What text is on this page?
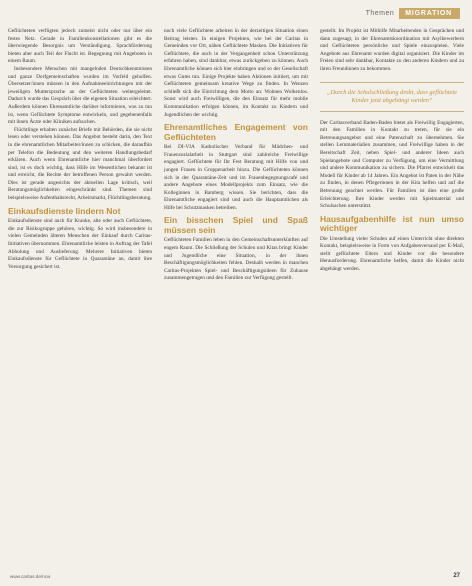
Themen	MIGRATION

Geflüchteten verfügten jedoch zumeist nicht oder nur über ein festes Netz. Gerade in Familienkonstellationen gibt es die überwiegende Besorgnis um Verständigung. Sprachförderung bieten aber auch Teil der Flucht ist. Begegnung mit Angeboten in einem Raum.

Insbesondere Menschen mit mangelnden Deutschkenntnissen und ganze Dorfgemeinschaften wurden im Vorfeld geholfen. Übersetzer/innen müssen in den Aufnahmeeinrichtungen mit der jeweiligen Muttersprache an der Geflüchteten weitergeleitet. Dadurch wurde das Gespräch über die eigenen Situation erleichtert. Außerdem können Ehrenamtliche darüber informieren, was zu tun ist, wenn Geflüchtete Symptome entwickeln, und gegebenenfalls mit ihnen Ärzte oder Kliniken aufsuchen.

Flüchtlinge erhalten zunächst Briefe mit Behörden, die sie nicht lesen oder verstehen können. Das Angebot besteht darin, den Text in die ehrenamtlichen Mitarbeiter/innen zu schicken, die daraufhin per Telefon die Bedeutung und den weiteren Handlungsbedarf erklären. Auch wenn Ehrenamtliche hier manchmal überfordert sind, ist es doch wichtig, dass Hilfe im Wesentlichen bekannt ist und erreicht, die Rechte der betroffenen Person gewahrt werden. Dies ist gerade angesichts der aktuellen Lage kritisch, weil Beratungsmöglichkeiten eingeschränkt sind. Themen sind beispielsweise Aufenthaltsrecht, Arbeitsmarkt, Flüchtlingsberatung.

Einkaufsdienste lindern Not

Einkaufsdienste sind auch für Kranke, alte oder auch Geflüchtete, die zur Risikogruppe gehören, wichtig. So wird insbesondere in vielen Gemeinden älteren Menschen der Einkauf durch Caritas-Initiativen übernommen. Ehrenamtliche leisten in Auftrag der Tafel Abholung und Auslieferung. Mehrere Initiativen bieten Einkaufsdienste für Geflüchtete in Quarantäne an, damit ihre Versorgung gesichert ist.

noch viele Geflüchtete arbeiten in der derzeitigen Situation einen Beitrag leisten. In einigen Projekten, wie bei der Caritas in Gemeinden vor Ort, nähen Geflüchtete Masken. Die Initiativen für Geflüchtete, die auch in der Vergangenheit schon Unterstützung erfahren haben, sind dankbar, etwas zurückgeben zu können. Auch Ehrenamtliche können sich hier einbringen und so der Gesellschaft etwas Gutes tun. Einige Projekte haben Aktionen initiiert, um mit Geflüchteten gemeinsam kreative Wege zu finden. In Wenzen schließt sich die Einrichtung dem Motto an: Wohnen Wolkenlos. Sonst wird auch Freiwilligen, die den Einsatz für mehr mobile Kommunikation erfolgen können, im Kontakt zu Kindern und Jugendlichen der wichtig.

Ehrenamtliches Engagement von Geflüchteten

Bei DI-VIA Katholischer Verband für Mädchen- und Frauensozialarbeit in Stuttgart sind zahlreiche Freiwillige engagiert. Geflüchtete für Ihr Fest Beratung mit Hilfe von und jungen Frauen in Gruppenarbeit hinzu. Die Geflüchteten können sich in der Quarantäne-Zeit und im Frauenbegegnungscafé und andere Angebote eines Modellprojekts zum Einsatz, wie die Kolleginnen in Bamberg wissen. Sie berichten, dass die Ehrenamtliche engagiert sind und auch die Hauptamtlichen als Hilfe bei Schutzmasken betreiben.

Ein bisschen Spiel und Spaß müssen sein

Geflüchteten Familien leben in den Gemeinschaftsunterkünften auf engem Raum. Die Schließung der Schulen und Kitas bringt Kinder und Jugendliche eine Situation, in der ihnen Beschäftigungsmöglichkeiten fehlen. Deshalb werden in manchen Caritas-Projekten Spiel- und Beschäftigungsideen für Zuhause zusammengetragen und den Familien zur Verfügung gestellt.

gestellt. Im Projekt ist Mithilfe Mitarbeitenden in Gesprächen und dann zugesagt, in der Ehrenamtskoordination mit Asylbewerbern und Geflüchteten persönliche und Spiele einzuspielen. Viele Angebote aus Ehrenamt wurden digital organisiert. Die Kinder im Freien sind sehr dankbar, Kontakte zu den anderen Kindern und zu ihren Freundinnen zu bekommen.

„Durch die Schulschließung droht, dass geflüchtete Kinder jetzt abgehängt werden“

Der Caritasverband Baden-Baden bietet als Freiwillig Engagierten, mit den Familien in Kontakt zu treten, für sie ein Betreuungsangebot und eine Patenschaft zu übernehmen. Sie stellen Lernmaterialien zusammen, und Freiwillige haben in der Bereitschaft Zeit, neben Spiel- und anderer Ideen auch Spielangebote und Computer zu Verfügung, um eine Vermittlung und andere Kommunikation zu sichern. Die Pfarrei entwickelt das Modell für Kinder ab 14 Jahren. Ein Angebot ist Paten in der Nähe zu finden, in denen Pflegerinnen in der Kita helfen und auf die Betreuung geachtet werden. Für Familien ist dies eine große Erleichterung. Ihre Kinder werden mit Spielmaterial und Schulsachen unterstützt.

Hausaufgabenhilfe ist nun umso wichtiger

Die Umstellung vieler Schulen auf einen Unterricht ohne direkten Kontakt, beispielsweise in Form von Aufgabenversand per E-Mail, stellt geflüchtete Eltern und Kinder vor die besondere Herausforderung. Ehrenamtliche helfen, damit die Kinder nicht abgehängt werden.

www.caritas.de/ncw	27
